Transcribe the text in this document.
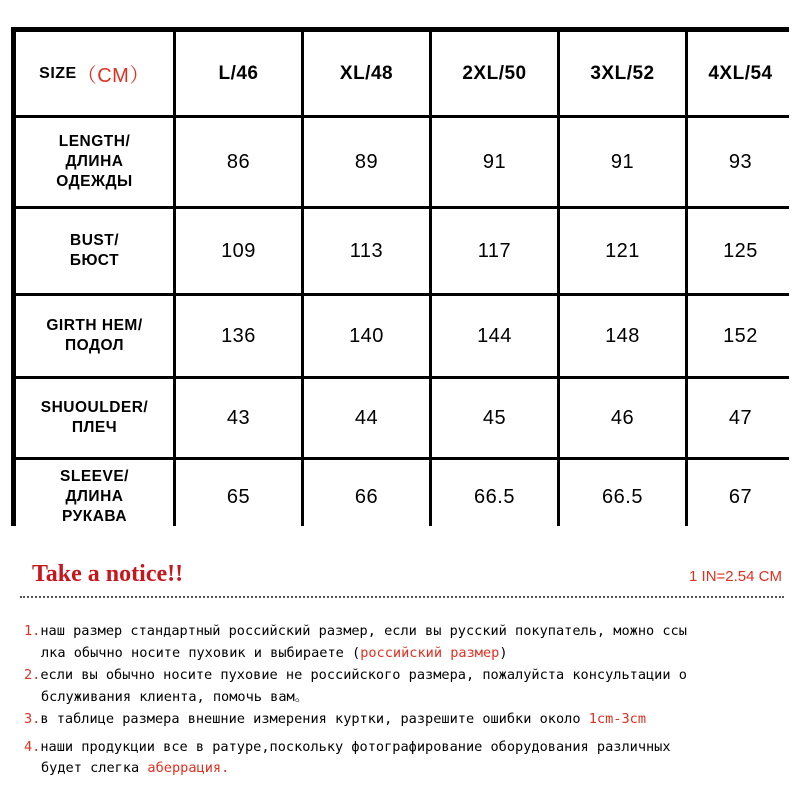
SIZE （CM）	L/46	XL/48	2XL/50	3XL/52	4XL/54
LENGTH/
ДЛИНА
ОДЕЖДЫ
86	89	91	91	93
BUST/
БЮСТ	109	113	117	121	125
GIRTH HEM/
ПОДОЛ	136	140	144	148	152
SHUOULDER/
ПЛЕЧ	43	44	45	46	47
SLEEVE/
ДЛИНА
РУКАВА
65	66	66.5	66.5	67
Take a notice!!	1 IN=2.54 CM
1.наш размер стандартный российский размер, если вы русский покупатель, можно ссы
лка обычно носите пуховик и выбираете (российский размер)
2.если вы обычно носите пуховие не российского размера, пожалуйста консультации о
бслуживания клиента, помочь вам。
3.в таблице размера внешние измерения куртки, разрешите ошибки около 1cm-3cm
4.наши продукции все в ратуре,поскольку фотографирование оборудования различных
будет слегка аберрация.
